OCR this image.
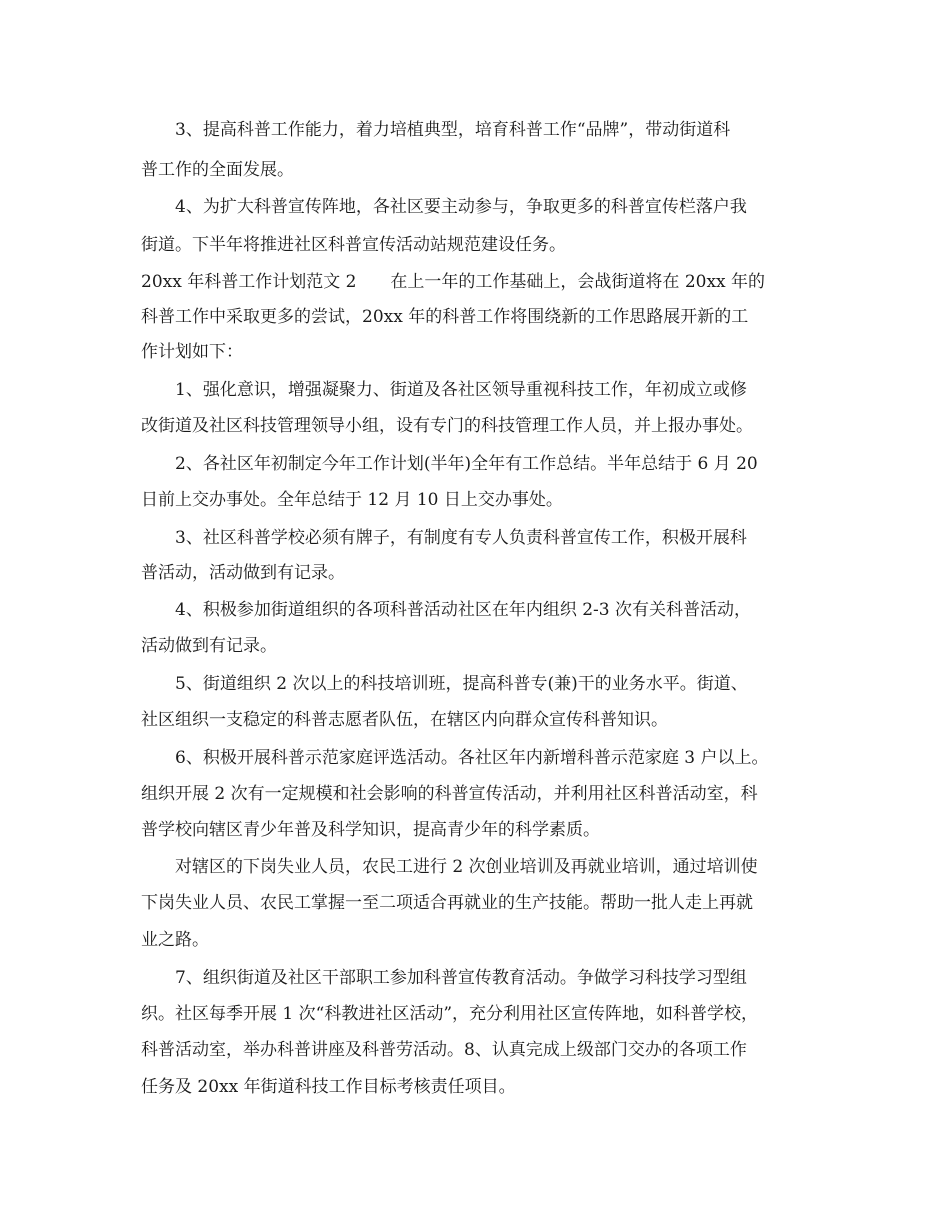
3、提高科普工作能力，着力培植典型，培育科普工作“品牌”，带动街道科
普工作的全面发展。
4、为扩大科普宣传阵地，各社区要主动参与，争取更多的科普宣传栏落户我
街道。下半年将推进社区科普宣传活动站规范建设任务。
20xx 年科普工作计划范文 2　　在上一年的工作基础上，会战街道将在 20xx 年的
科普工作中采取更多的尝试，20xx 年的科普工作将围绕新的工作思路展开新的工
作计划如下：
1、强化意识，增强凝聚力、街道及各社区领导重视科技工作，年初成立或修
改街道及社区科技管理领导小组，设有专门的科技管理工作人员，并上报办事处。
2、各社区年初制定今年工作计划(半年)全年有工作总结。半年总结于 6 月 20
日前上交办事处。全年总结于 12 月 10 日上交办事处。
3、社区科普学校必须有牌子，有制度有专人负责科普宣传工作，积极开展科
普活动，活动做到有记录。
4、积极参加街道组织的各项科普活动社区在年内组织 2-3 次有关科普活动，
活动做到有记录。
5、街道组织 2 次以上的科技培训班，提高科普专(兼)干的业务水平。街道、
社区组织一支稳定的科普志愿者队伍，在辖区内向群众宣传科普知识。
6、积极开展科普示范家庭评选活动。各社区年内新增科普示范家庭 3 户以上。
组织开展 2 次有一定规模和社会影响的科普宣传活动，并利用社区科普活动室，科
普学校向辖区青少年普及科学知识，提高青少年的科学素质。
对辖区的下岗失业人员，农民工进行 2 次创业培训及再就业培训，通过培训使
下岗失业人员、农民工掌握一至二项适合再就业的生产技能。帮助一批人走上再就
业之路。
7、组织街道及社区干部职工参加科普宣传教育活动。争做学习科技学习型组
织。社区每季开展 1 次“科教进社区活动”，充分利用社区宣传阵地，如科普学校，
科普活动室，举办科普讲座及科普劳活动。8、认真完成上级部门交办的各项工作
任务及 20xx 年街道科技工作目标考核责任项目。
